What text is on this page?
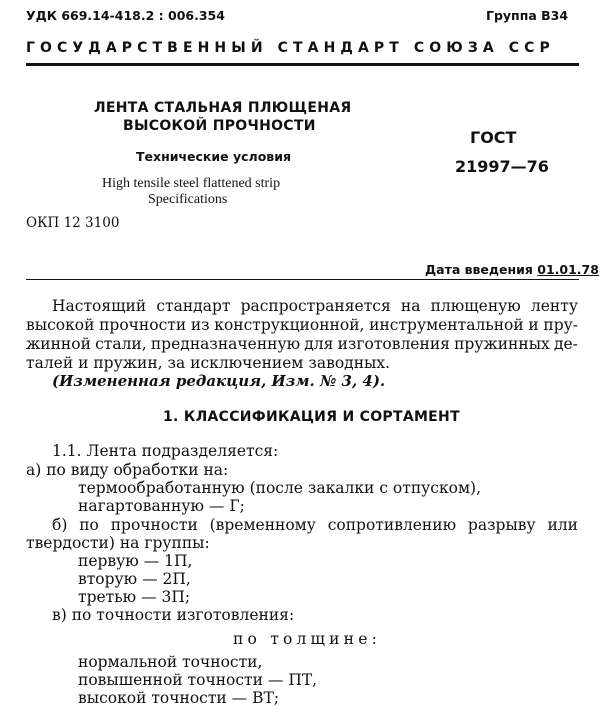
УДК 669.14-418.2 : 006.354	Группа В34
ГОСУДАРСТВЕННЫЙ СТАНДАРТ СОЮЗА ССР
ЛЕНТА СТАЛЬНАЯ ПЛЮЩЕНАЯ
ВЫСОКОЙ ПРОЧНОСТИ
Технические условия
High tensile steel flattened strip
Specifications
ОКП 12 3100
ГОСТ
21997—76
Дата введения 01.01.78
Настоящий стандарт распространяется на плющеную ленту
высокой прочности из конструкционной, инструментальной и пру-
жинной стали, предназначенную для изготовления пружинных де-
талей и пружин, за исключением заводных.
(Измененная редакция, Изм. № 3, 4).
1. КЛАССИФИКАЦИЯ И СОРТАМЕНТ
1.1. Лента подразделяется:
а) по виду обработки на:
термообработанную (после закалки с отпуском),
нагартованную — Г;
б) по прочности (временному сопротивлению разрыву или
твердости) на группы:
первую — 1П,
вторую — 2П,
третью — 3П;
в) по точности изготовления:
по толщине:
нормальной точности,
повышенной точности — ПТ,
высокой точности — ВТ;
